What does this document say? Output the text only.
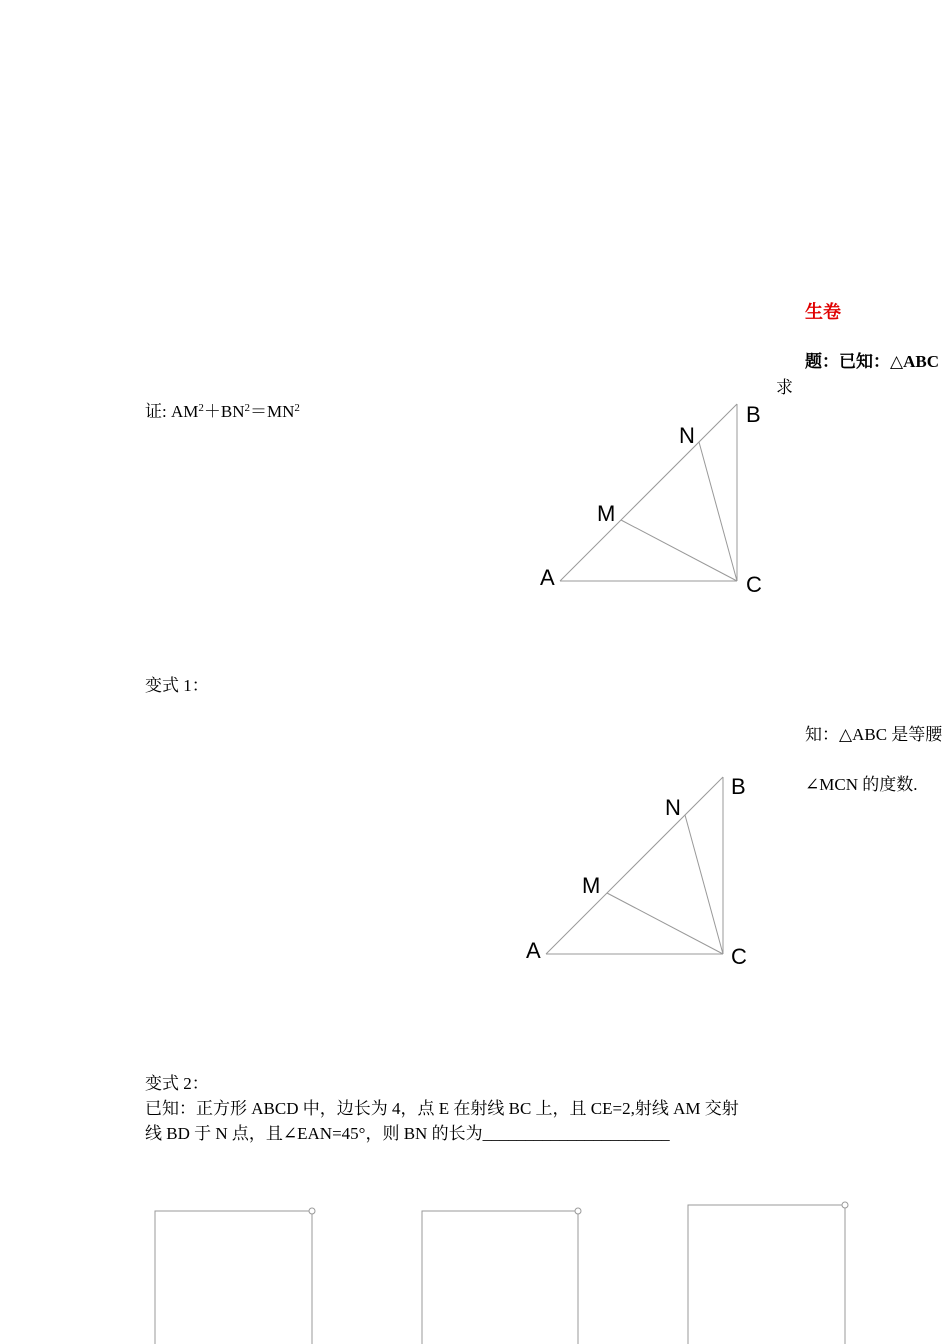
生卷
题：已知：△ABC
求
证: $AM^2+BN^2=MN^2$
A
B
C
M
N
变式 1：
知：△ABC 是等腰
∠MCN 的度数.
A
B
C
M
N
变式 2：
已知：正方形 ABCD 中，边长为 4，点 E 在射线 BC 上，且 CE=2,射线 AM 交射
线 BD 于 N 点，且∠EAN=45°，则 BN 的长为______________________
